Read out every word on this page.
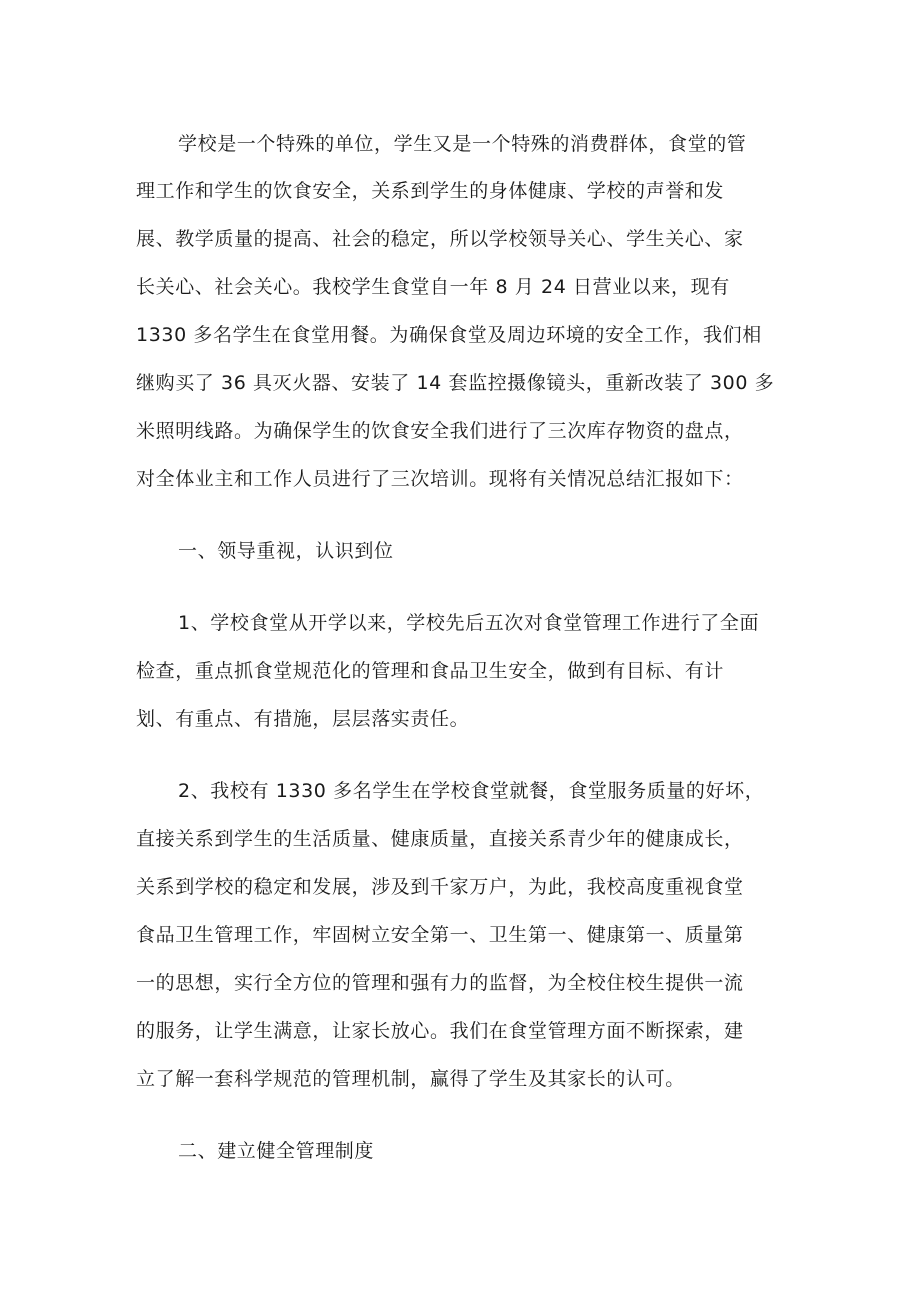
学校是一个特殊的单位，学生又是一个特殊的消费群体，食堂的管
理工作和学生的饮食安全，关系到学生的身体健康、学校的声誉和发
展、教学质量的提高、社会的稳定，所以学校领导关心、学生关心、家
长关心、社会关心。我校学生食堂自一年 8 月 24 日营业以来，现有
1330 多名学生在食堂用餐。为确保食堂及周边环境的安全工作，我们相
继购买了 36 具灭火器、安装了 14 套监控摄像镜头，重新改装了 300 多
米照明线路。为确保学生的饮食安全我们进行了三次库存物资的盘点，
对全体业主和工作人员进行了三次培训。现将有关情况总结汇报如下：
一、领导重视，认识到位
1、学校食堂从开学以来，学校先后五次对食堂管理工作进行了全面
检查，重点抓食堂规范化的管理和食品卫生安全，做到有目标、有计
划、有重点、有措施，层层落实责任。
2、我校有 1330 多名学生在学校食堂就餐，食堂服务质量的好坏，
直接关系到学生的生活质量、健康质量，直接关系青少年的健康成长，
关系到学校的稳定和发展，涉及到千家万户，为此，我校高度重视食堂
食品卫生管理工作，牢固树立安全第一、卫生第一、健康第一、质量第
一的思想，实行全方位的管理和强有力的监督，为全校住校生提供一流
的服务，让学生满意，让家长放心。我们在食堂管理方面不断探索，建
立了解一套科学规范的管理机制，赢得了学生及其家长的认可。
二、建立健全管理制度
